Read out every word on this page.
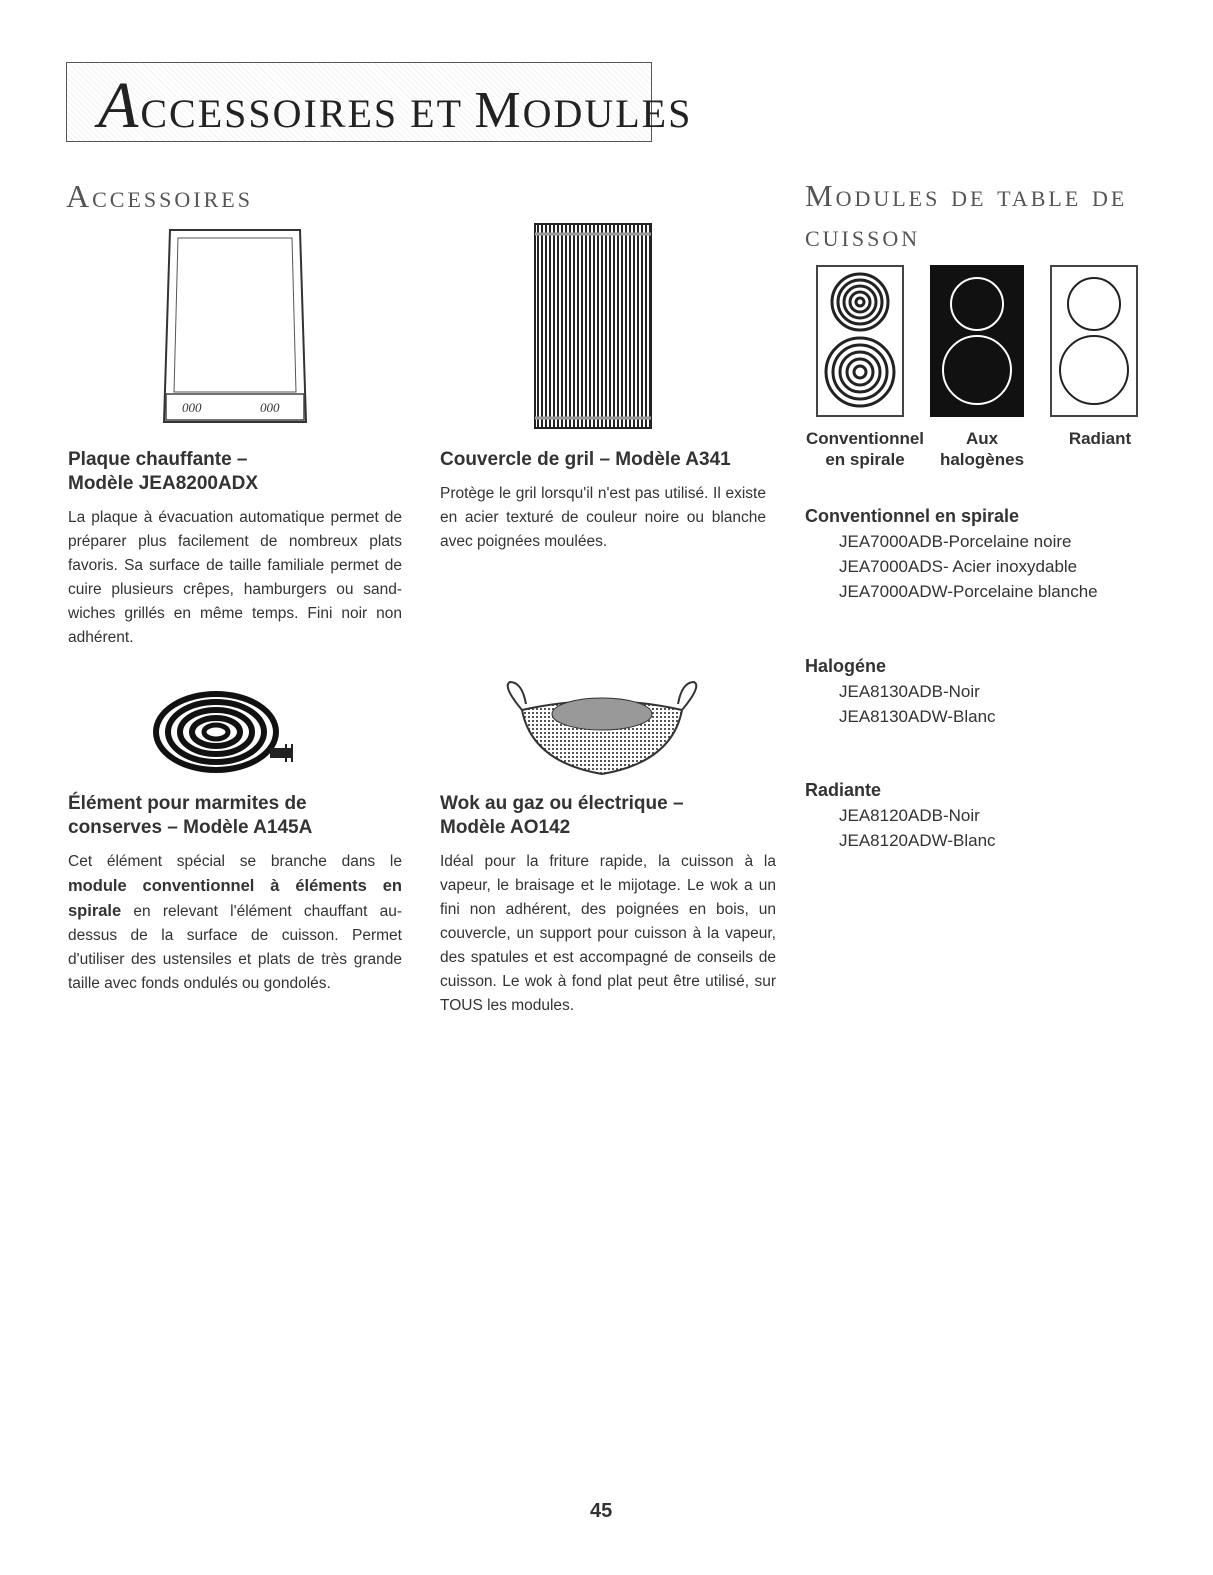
ACCESSOIRES ET MODULES
Accessoires	Modules de table de
cuisson
000	000
Conventionnel
en spirale
Aux
halogènes
Radiant
Plaque chauffante –
Modèle JEA8200ADX
La plaque à évacuation automatique permet de préparer plus facilement de nombreux plats favoris. Sa surface de taille familiale permet de cuire plusieurs crêpes, hamburgers ou sand-wiches grillés en même temps. Fini noir non adhérent.
Couvercle de gril – Modèle A341
Protège le gril lorsqu'il n'est pas utilisé. Il existe en acier texturé de couleur noire ou blanche avec poignées moulées.
Élément pour marmites de
conserves – Modèle A145A
Cet élément spécial se branche dans le module conventionnel à éléments en spirale en relevant l'élément chauffant au-dessus de la surface de cuisson. Permet d'utiliser des ustensiles et plats de très grande taille avec fonds ondulés ou gondolés.
Wok au gaz ou électrique –
Modèle AO142
Idéal pour la friture rapide, la cuisson à la vapeur, le braisage et le mijotage. Le wok a un fini non adhérent, des poignées en bois, un couvercle, un support pour cuisson à la vapeur, des spatules et est accompagné de conseils de cuisson. Le wok à fond plat peut être utilisé, sur TOUS les modules.
Conventionnel en spirale
JEA7000ADB-Porcelaine noire
JEA7000ADS- Acier inoxydable
JEA7000ADW-Porcelaine blanche
Halogéne
JEA8130ADB-Noir
JEA8130ADW-Blanc
Radiante
JEA8120ADB-Noir
JEA8120ADW-Blanc
45
